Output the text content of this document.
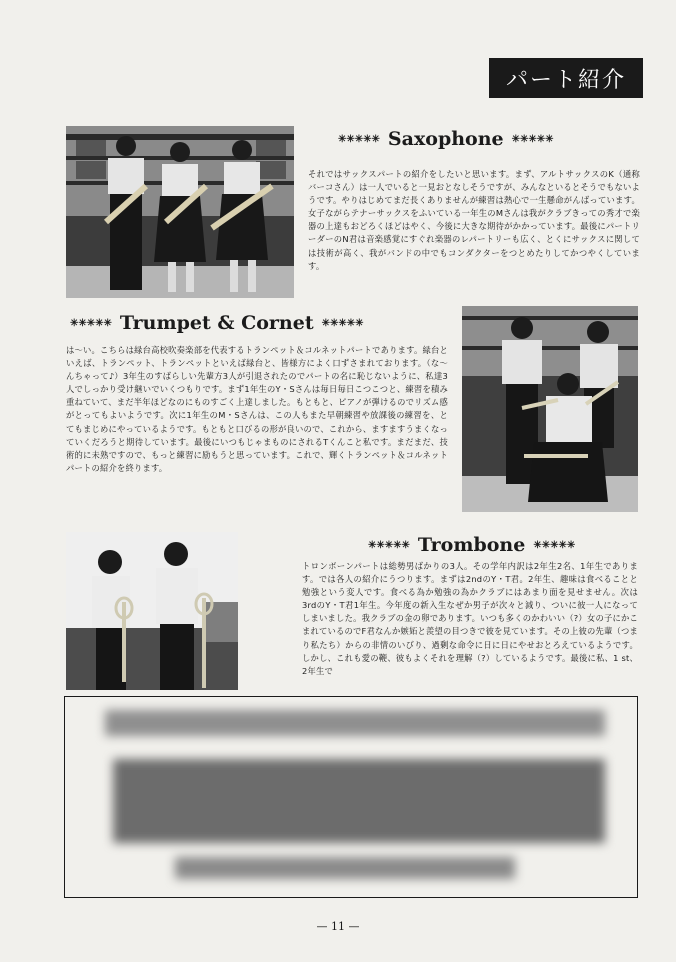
パート紹介
✳✳✳✳✳ Saxophone ✳✳✳✳✳
それではサックスパートの紹介をしたいと思います。まず、アルトサックスのK（通称バーコさん）は一人でいると一見おとなしそうですが、みんなといるとそうでもないようです。やりはじめてまだ長くありませんが練習は熱心で一生懸命がんばっています。女子ながらテナーサックスをふいている一年生のMさんは我がクラブきっての秀才で楽器の上達もおどろくほどはやく、今後に大きな期待がかかっています。最後にパートリーダーのN君は音楽感覚にすぐれ楽器のレパートリーも広く、とくにサックスに関しては技術が高く、我がバンドの中でもコンダクターをつとめたりしてかつやくしています。
✳✳✳✳✳ Trumpet & Cornet ✳✳✳✳✳
は〜い。こちらは緑台高校吹奏楽部を代表するトランペット＆コルネットパートであります。緑台といえば、トランペット、トランペットといえば緑台と、皆様方によく口ずさまれております。（な〜んちゃって♪）3年生のすばらしい先輩方3人が引退されたのでパートの名に恥じないように、私達3人でしっかり受け継いでいくつもりです。まず1年生のY・Sさんは毎日毎日こつこつと、練習を積み重ねていて、まだ半年ほどなのにものすごく上達しました。もともと、ピアノが弾けるのでリズム感がとってもよいようです。次に1年生のM・Sさんは、この人もまた早朝練習や放課後の練習を、とてもまじめにやっているようです。もともと口びるの形が良いので、これから、ますますうまくなっていくだろうと期待しています。最後にいつもじゃまものにされるTくんこと私です。まだまだ、技術的に未熟ですので、もっと練習に励もうと思っています。これで、輝くトランペット＆コルネットパートの紹介を終ります。
✳✳✳✳✳ Trombone ✳✳✳✳✳
トロンボーンパートは総勢男ばかりの3人。その学年内訳は2年生2名、1年生であります。では各人の紹介にうつります。まずは2ndのY・T君。2年生、趣味は食べることと勉強という変人です。食べる為か勉強の為かクラブにはあまり面を見せません。次は3rdのY・T君1年生。今年度の新入生なぜか男子が次々と減り、ついに彼一人になってしまいました。我クラブの金の卵であります。いつも多くのかわいい（?）女の子にかこまれているのでF君なんか嫉妬と羨望の目つきで彼を見ています。その上彼の先輩（つまり私たち）からの非情のいびり、過剰な命令に日に日にやせおとろえているようです。しかし、これも愛の鞭、彼もよくそれを理解（?）しているようです。最後に私、1 st、2年生で
— 11 —
